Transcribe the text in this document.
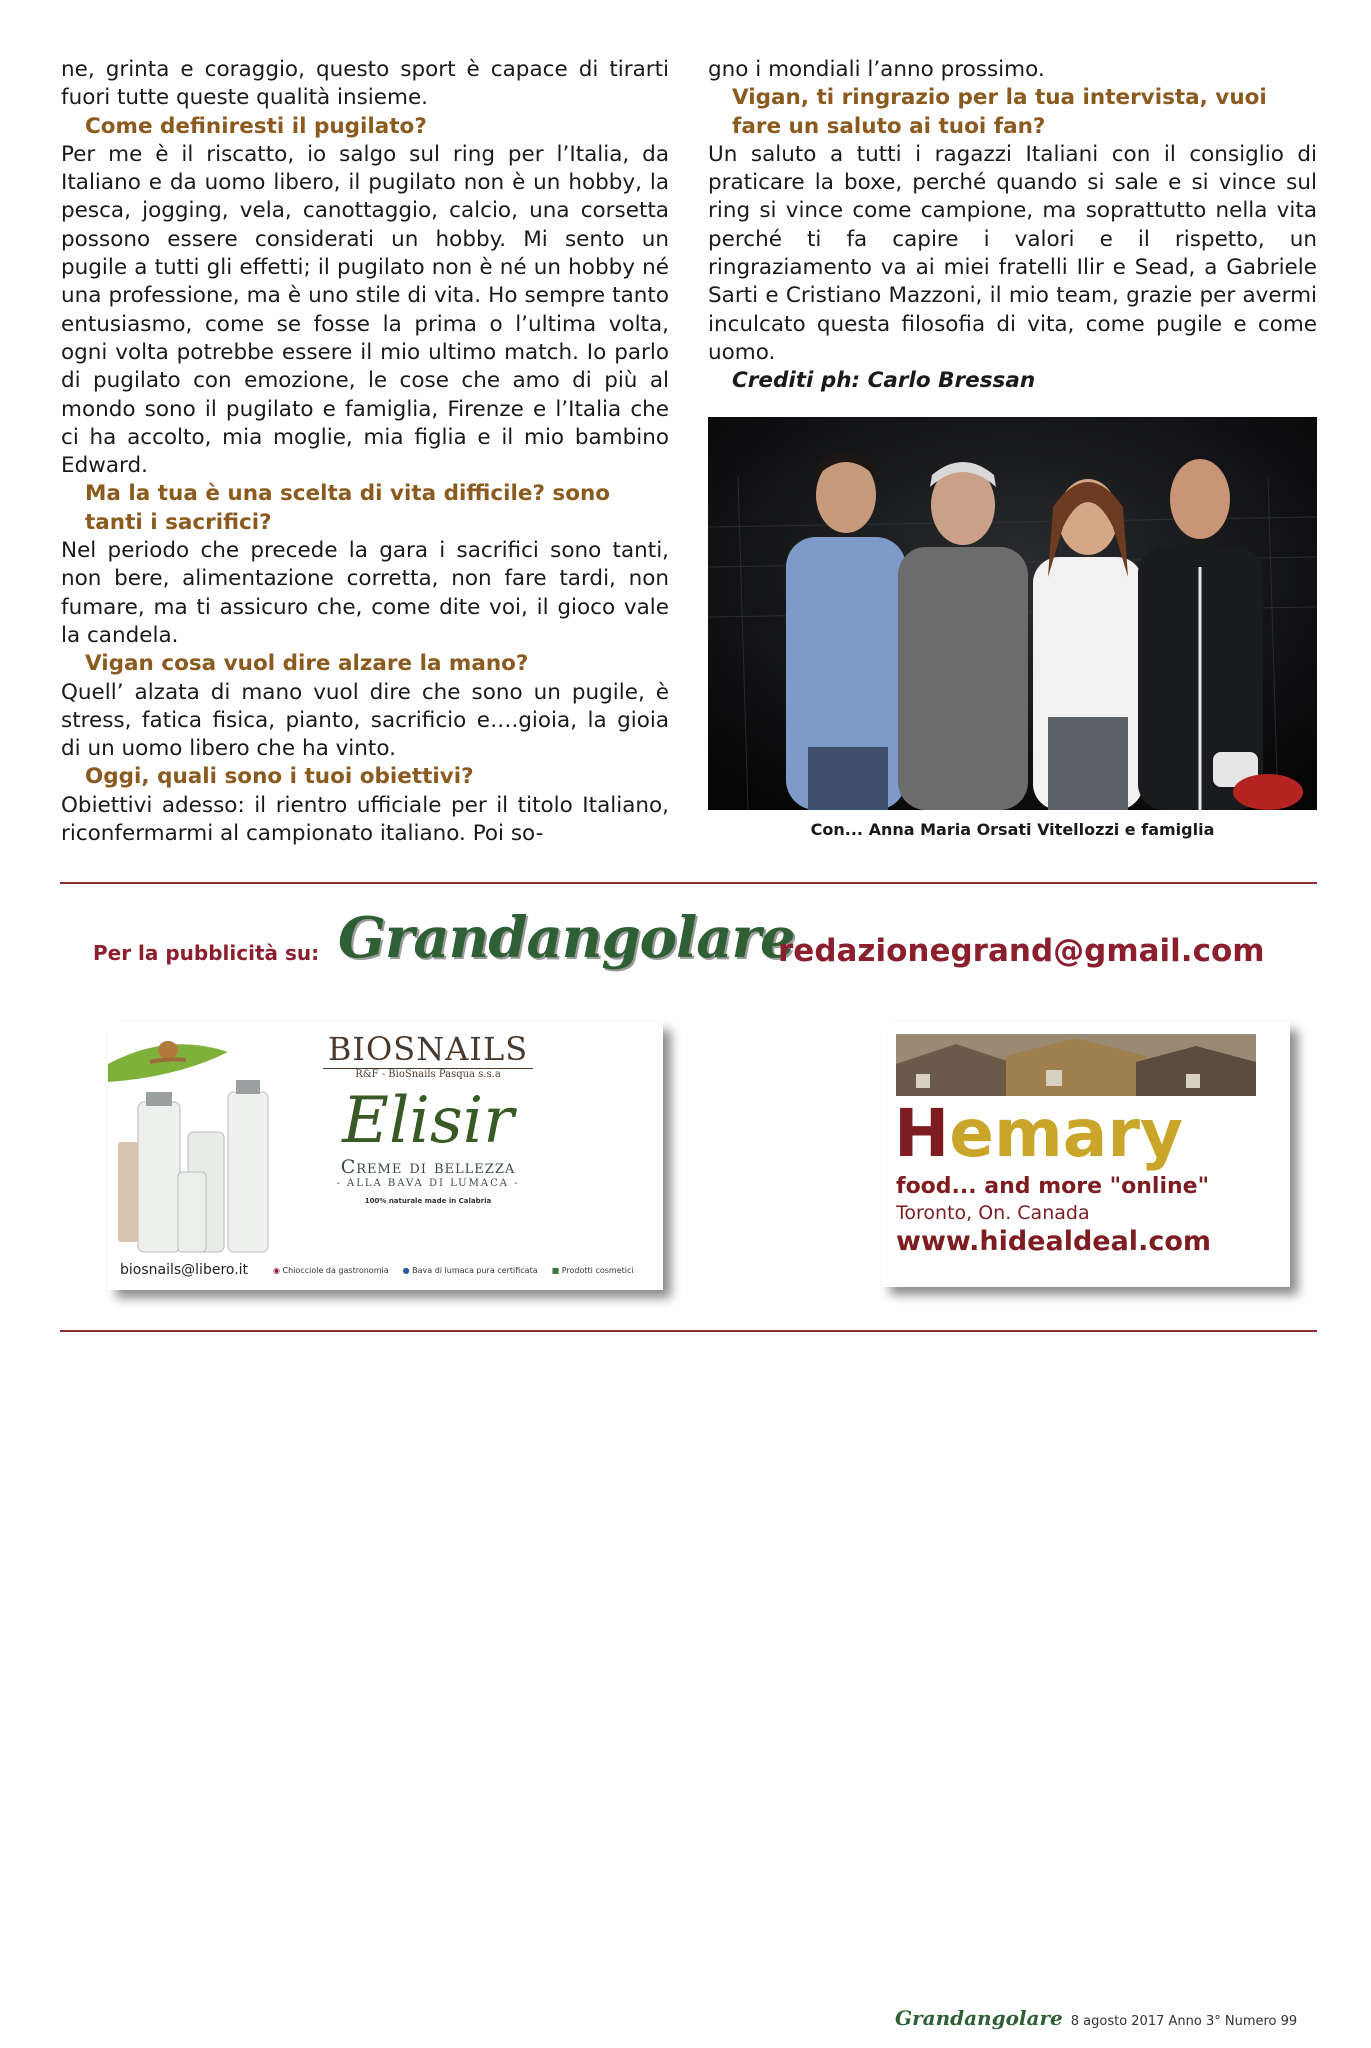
ne, grinta e coraggio, questo sport è capace di tirarti fuori tutte queste qualità insieme.

Come definiresti il pugilato?

Per me è il riscatto, io salgo sul ring per l’Italia, da Italiano e da uomo libero, il pugilato non è un hobby, la pesca, jogging, vela, canottaggio, calcio, una corsetta possono essere considerati un hobby. Mi sento un pugile a tutti gli effetti; il pugilato non è né un hobby né una professione, ma è uno stile di vita. Ho sempre tanto entusiasmo, come se fosse la prima o l’ultima volta, ogni volta potrebbe essere il mio ultimo match. Io parlo di pugilato con emozione, le cose che amo di più al mondo sono il pugilato e famiglia, Firenze e l’Italia che ci ha accolto, mia moglie, mia figlia e il mio bambino Edward.

Ma la tua è una scelta di vita difficile? sono tanti i sacrifici?

Nel periodo che precede la gara i sacrifici sono tanti, non bere, alimentazione corretta, non fare tardi, non fumare, ma ti assicuro che, come dite voi, il gioco vale la candela.

Vigan cosa vuol dire alzare la mano?

Quell’ alzata di mano vuol dire che sono un pugile, è stress, fatica fisica, pianto, sacrificio e….gioia, la gioia di un uomo libero che ha vinto.

Oggi, quali sono i tuoi obiettivi?

Obiettivi adesso: il rientro ufficiale per il titolo Italiano, riconfermarmi al campionato italiano. Poi so-

gno i mondiali l’anno prossimo.

Vigan, ti ringrazio per la tua intervista, vuoi fare un saluto ai tuoi fan?

Un saluto a tutti i ragazzi Italiani con il consiglio di praticare la boxe, perché quando si sale e si vince sul ring si vince come campione, ma soprattutto nella vita perché ti fa capire i valori e il rispetto, un ringraziamento va ai miei fratelli Ilir e Sead, a Gabriele Sarti e Cristiano Mazzoni, il mio team, grazie per avermi inculcato questa filosofia di vita, come pugile e come uomo.

Crediti ph: Carlo Bressan

Con... Anna Maria Orsati Vitellozzi e famiglia
Per la pubblicità su: Grandangolare
redazionegrand@gmail.com
BIOSNAILS
R&F - BioSnails Pasqua s.s.a
Elisir
Creme di bellezza
- ALLA BAVA DI LUMACA -
100% naturale made in Calabria
biosnails@libero.it	◉ Chiocciole da gastronomia ● Bava di lumaca pura certificata ■ Prodotti cosmetici
Hemary
food... and more "online"
Toronto, On. Canada
www.hidealdeal.com
Grandangolare 8 agosto 2017 Anno 3° Numero 99
